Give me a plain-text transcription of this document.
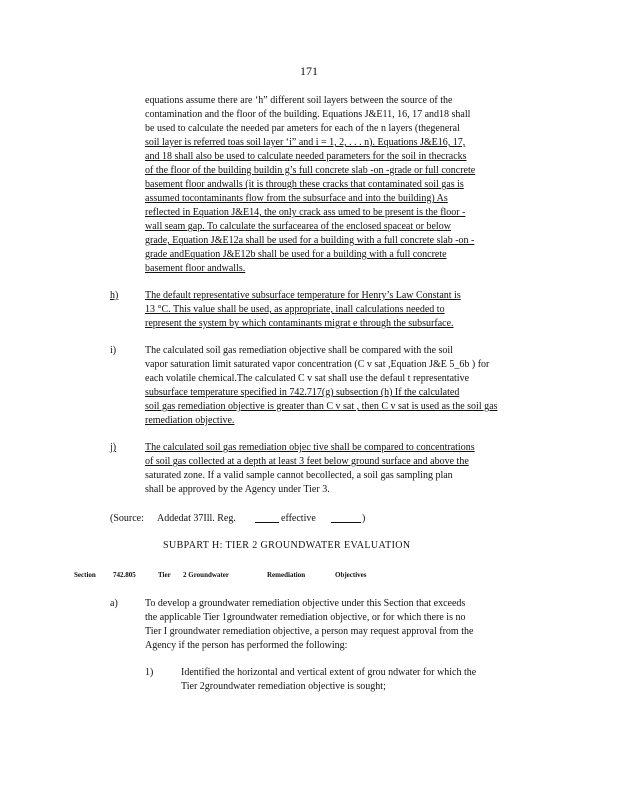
171
equations assume there are ‘h” different soil layers between the source of the
contamination and the floor of the building. Equations J&E11, 16, 17 and18 shall
be used to calculate the needed par ameters for each of the n layers (thegeneral
soil layer is referred toas soil layer ‘i” and i = 1, 2, . . . n). Equations J&E16, 17,
and 18 shall also be used to calculate needed parameters for the soil in thecracks
of the floor of the building buildin g’s full concrete slab -on -grade or full concrete
basement floor andwalls (it is through these cracks that contaminated soil gas is
assumed tocontaminants flow from the subsurface and into the building) As
reflected in Equation J&E14, the only crack ass umed to be present is the floor -
wall seam gap. To calculate the surfacearea of the enclosed spaceat or below
grade, Equation J&E12a shall be used for a building with a full concrete slab -on -
grade andEquation J&E12b shall be used for a building with a full concrete
basement floor andwalls.
h)	The default representative subsurface temperature for Henry’s Law Constant is
13 °C. This value shall be used, as appropriate, inall calculations needed to
represent the system by which contaminants migrat e through the subsurface.
i)	The calculated soil gas remediation objective shall be compared with the soil
vapor saturation limit saturated vapor concentration (C v sat ,Equation J&E 5_6b ) for
each volatile chemical.The calculated C v sat shall use the defaul t representative
subsurface temperature specified in 742.717(g) subsection (h) If the calculated
soil gas remediation objective is greater than C v sat , then C v sat is used as the soil gas
remediation objective.
j)	The calculated soil gas remediation objec tive shall be compared to concentrations
of soil gas collected at a depth at least 3 feet below ground surface and above the
saturated zone. If a valid sample cannot becollected, a soil gas sampling plan
shall be approved by the Agency under Tier 3.
(Source: Addedat 37Ill. Reg.	effective	)
SUBPART H: TIER 2 GROUNDWATER EVALUATION
Section 742.805	Tier 2 Groundwater	Remediation	Objectives
a)	To develop a groundwater remediation objective under this Section that exceeds
the applicable Tier 1groundwater remediation objective, or for which there is no
Tier I groundwater remediation objective, a person may request approval from the
Agency if the person has performed the following:
1)	Identified the horizontal and vertical extent of grou ndwater for which the
Tier 2groundwater remediation objective is sought;
